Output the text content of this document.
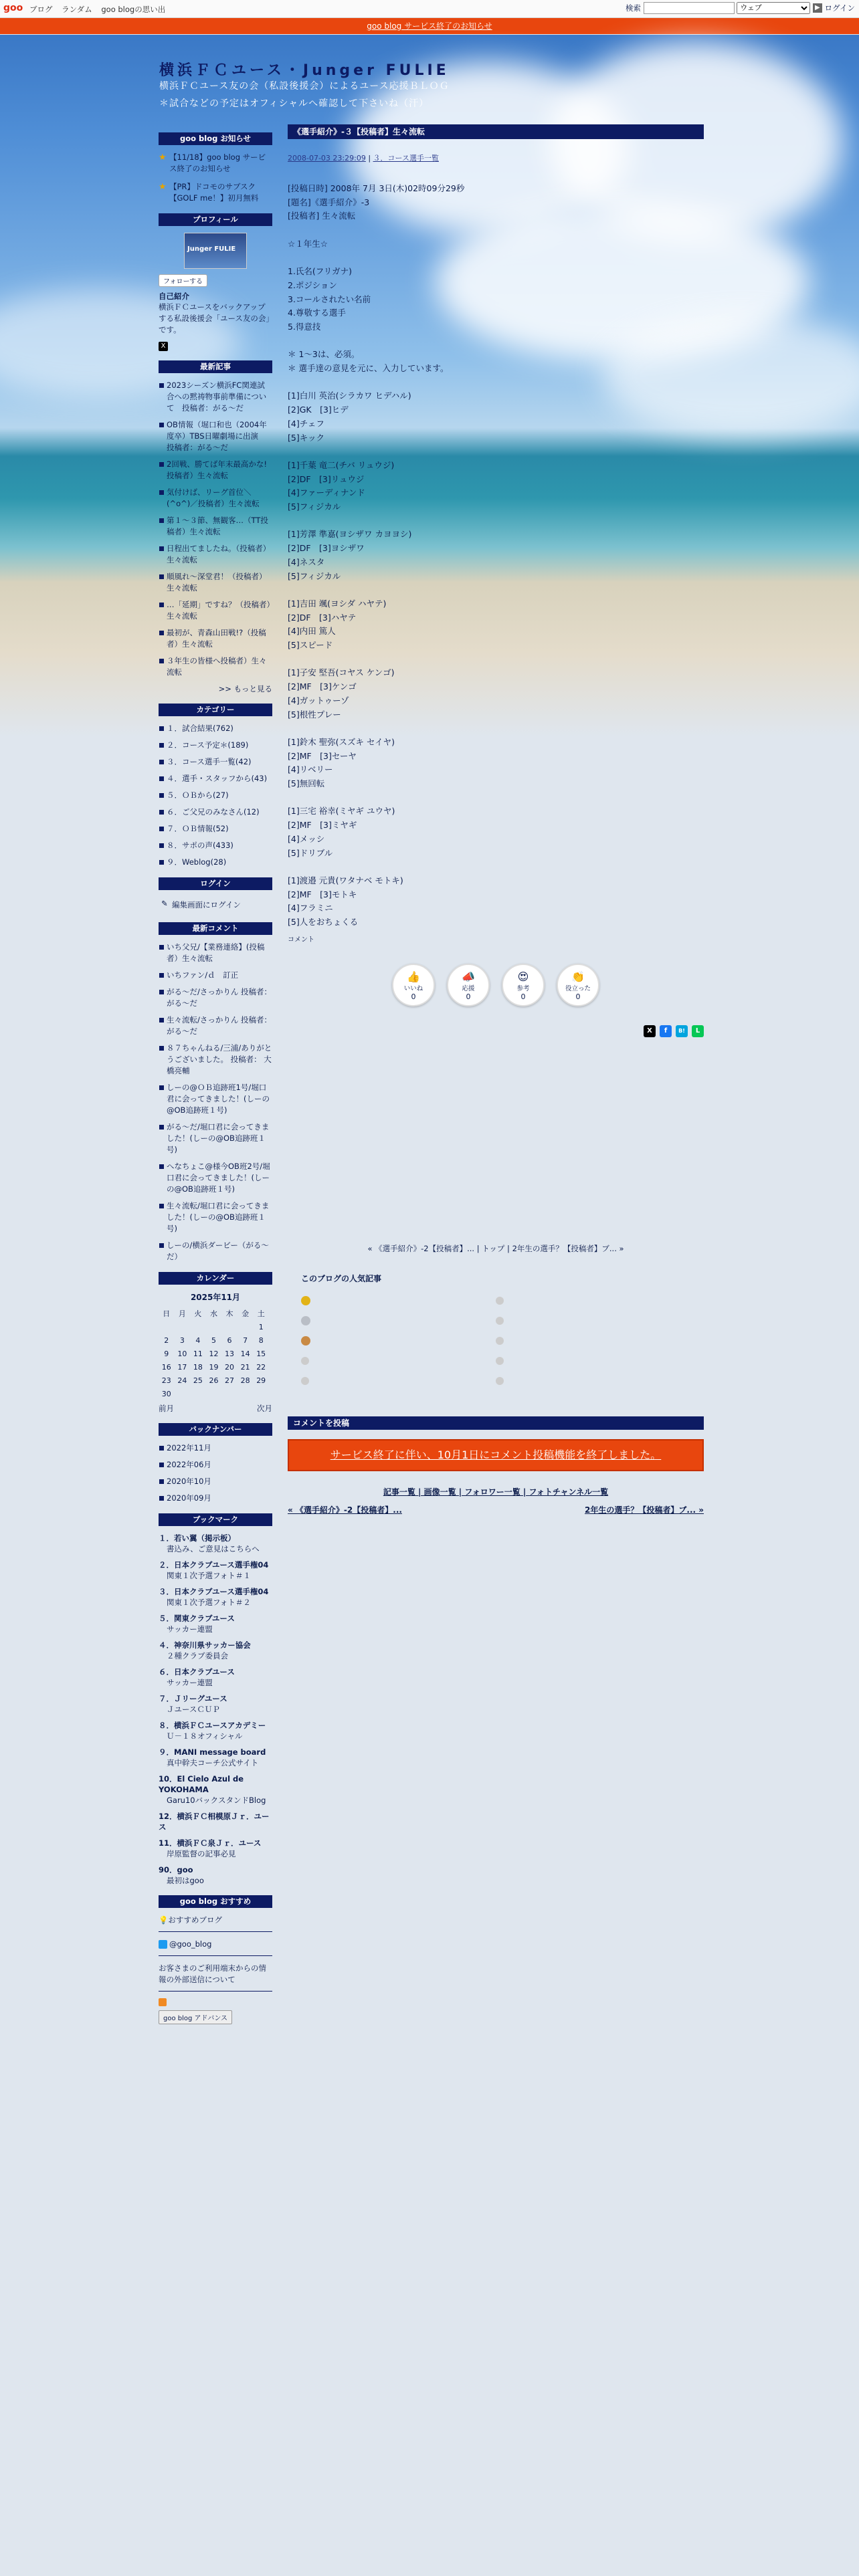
goo ブログ ランダム goo blogの思い出	検索
ウェブ	▶ ログイン
goo blog サービス終了のお知らせ
横浜ＦＣユース・Junger FULIE
横浜ＦＣユース友の会（私設後援会）によるユース応援ＢＬＯＧ
＊試合などの予定はオフィシャルへ確認して下さいね（汗）
goo blog お知らせ
★ 【11/18】goo blog サービス終了のお知らせ
★ 【PR】ドコモのサブスク【GOLF me！】初月無料
プロフィール
Junger FULIE
フォローする
自己紹介
横浜ＦＣユースをバックアップする私設後援会「ユース友の会」です。
X
最新記事
2023シーズン横浜FC関連試合への黙祷物事前準備について　投稿者：がる～だ
OB情報（堀口和也（2004年度卒）TBS日曜劇場に出演　投稿者：がる～だ
2回戦、勝てば年末最高かな!投稿者）生々流転
気付けば、リーグ首位＼(^o^)／投稿者）生々流転
第１～３節、無観客…（TT投稿者）生々流転
日程出てましたね。（投稿者）生々流転
順風れ～深堂君！（投稿者）生々流転
…「延期」ですね？（投稿者）生々流転
最初が、青森山田戦!?（投稿者）生々流転
３年生の皆様へ投稿者）生々流転
>> もっと見る
カテゴリー
１．試合結果(762)
２．コース予定＊(189)
３．コース選手一覧(42)
４．選手・スタッフから(43)
５．ＯＢから(27)
６．ご父兄のみなさん(12)
７．ＯＢ情報(52)
８．サポの声(433)
９．Weblog(28)
ログイン
✎ 編集画面にログイン
最新コメント
いち父兄/【業務連絡】(投稿者）生々流転
いちファン/ｄ　訂正
がる～だ/さっかりん 投稿者：がる～だ
生々流転/さっかりん 投稿者：がる～だ
８７ちゃんねる/三浦/ありがとうございました。 投稿者： 大橋亮輔
しーの@ＯＢ追跡班1号/堀口君に会ってきました！(しーの@OB追跡班１号)
がる～だ/堀口君に会ってきました！(しーの@OB追跡班１号)
へなちょこ@様今OB班2号/堀口君に会ってきました！(しーの@OB追跡班１号)
生々流転/堀口君に会ってきました！(しーの@OB追跡班１号)
しーの/横浜ダービー（がる～だ）
カレンダー
2025年11月
日	月	火	水	木	金	土
						1
2	3	4	5	6	7	8
9	10	11	12	13	14	15
16	17	18	19	20	21	22
23	24	25	26	27	28	29
30						
前月	次月
バックナンバー
2022年11月
2022年06月
2020年10月
2020年09月
ブックマーク
１．若い翼（掲示板）
書込み、ご意見はこちらへ
２．日本クラブユース選手権04
関東１次予選フォト＃１
３．日本クラブユース選手権04
関東１次予選フォト＃２
５．関東クラブユース
サッカー連盟
４．神奈川県サッカー協会
２種クラブ委員会
６．日本クラブユース
サッカー連盟
７．Ｊリーグユース
ＪユースＣＵＰ
８．横浜ＦＣユースアカデミー
Ｕ－１８オフィシャル
９．MANI message board
真中幹夫コーチ公式サイト
10．El Cielo Azul de YOKOHAMA
Garu10バックスタンドBlog
12．横浜ＦＣ相模原Ｊｒ．ユース
11．横浜ＦＣ泉Ｊｒ．ユース
岸原監督の記事必見
90．goo
最初はgoo
goo blog おすすめ
💡おすすめブログ
@goo_blog
お客さまのご利用端末からの情報の外部送信について
goo blog アドバンス
《選手紹介》-３【投稿者】生々流転
2008-07-03 23:29:09 | ３．コース選手一覧
[投稿日時] 2008年 7月 3日(木)02時09分29秒
[題名]《選手紹介》-3
[投稿者] 生々流転
☆１年生☆
1.氏名(フリガナ)
2.ポジション
3.コールされたい名前
4.尊敬する選手
5.得意技
＊ 1～3は、必須。
＊ 選手達の意見を元に、入力しています。
[1]白川 英治(シラカワ ヒデハル)
[2]GK　[3]ヒデ
[4]チェフ
[5]キック
[1]千葉 竜二(チバ リュウジ)
[2]DF　[3]リュウジ
[4]ファーディナンド
[5]フィジカル
[1]芳澤 準嘉(ヨシザワ カヨヨシ)
[2]DF　[3]ヨシザワ
[4]ネスタ
[5]フィジカル
[1]吉田 颯(ヨシダ ハヤテ)
[2]DF　[3]ハヤテ
[4]内田 篤人
[5]スピード
[1]子安 堅吾(コヤス ケンゴ)
[2]MF　[3]ケンゴ
[4]ガットゥーゾ
[5]根性プレー
[1]鈴木 聖弥(スズキ セイヤ)
[2]MF　[3]セーヤ
[4]リベリー
[5]無回転
[1]三宅 裕幸(ミヤギ ユウヤ)
[2]MF　[3]ミヤギ
[4]メッシ
[5]ドリブル
[1]渡邉 元貴(ワタナベ モトキ)
[2]MF　[3]モトキ
[4]フラミニ
[5]人をおちょくる
コメント
👍
いいね
0
📣
応援
0
😍
参考
0
👏
役立った
0
X	f	B!	L
« 《選手紹介》-2【投稿者】... | トップ | 2年生の選手？【投稿者】ブ... »
このブログの人気記事
コメントを投稿
サービス終了に伴い、10月1日にコメント投稿機能を終了しました。
記事一覧 | 画像一覧 | フォロワー一覧 | フォトチャンネル一覧
« 《選手紹介》-2【投稿者】...	2年生の選手？【投稿者】ブ... »
